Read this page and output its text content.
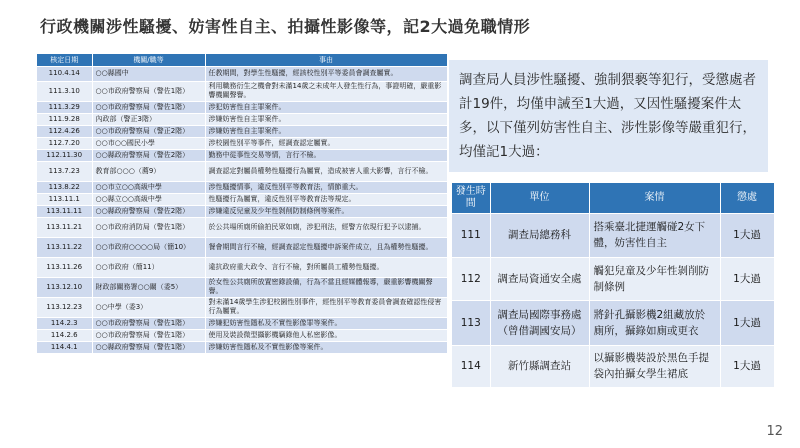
行政機關涉性騷擾、妨害性自主、拍攝性影像等，記2大過免職情形
核定日期	機關/職等	事由
110.4.14	○○縣國中	任教期間，對學生性騷擾，經該校性別平等委員會調查屬實。
111.3.10	○○市政府警察局（警佐1階）	利用職務衍生之機會對未滿14歲之未成年人發生性行為，事證明確，嚴重影響機關聲譽。
111.3.29	○○市政府警察局（警佐1階）	涉犯妨害性自主罪案件。
111.9.28	內政部（警正3階）	涉嫌妨害性自主罪案件。
112.4.26	○○市政府警察局（警正2階）	涉嫌妨害性自主罪案件。
112.7.20	○○市○○國民小學	涉校園性別平等事件，經調查認定屬實。
112.11.30	○○縣政府警察局（警佐2階）	勤務中從事性交易等情，言行不檢。
113.7.23	教育部○○○（薦9）	調查認定對屬員權勢性騷擾行為屬實，造成被害人重大影響，言行不檢。
113.8.22	○○市立○○高級中學	涉性騷擾情事，違反性別平等教育法，情節重大。
113.11.1	○○縣立○○高級中學	性騷擾行為屬實，違反性別平等教育法等規定。
113.11.11	○○縣政府警察局（警佐2階）	涉嫌違反兒童及少年性剝削防制條例等案件。
113.11.21	○○市政府消防局（警佐1階）	於公共場所廁所偷拍民眾如廁，涉犯刑法，經警方依現行犯予以逮捕。
113.11.22	○○市政府○○○○局（簡10）	餐會期間言行不檢，經調查認定性騷擾申訴案件成立，且為權勢性騷擾。
113.11.26	○○市政府（簡11）	違抗政府重大政令、言行不檢，對所屬員工權勢性騷擾。
113.12.10	財政部關務署○○關（委5）	於女性公共廁所放置密錄設備，行為不當且經媒體報導，嚴重影響機關聲譽。
113.12.23	○○中學（委3）	對未滿14歲學生涉犯校園性別事件，經性別平等教育委員會調查確認性侵害行為屬實。
114.2.3	○○市政府警察局（警佐1階）	涉嫌犯妨害性隱私及不實性影像罪等案件。
114.2.6	○○市政府警察局（警佐1階）	使用及裝設微型攝影機竊錄他人私密影像。
114.4.1	○○縣政府警察局（警佐1階）	涉嫌妨害性隱私及不實性影像等案件。
調查局人員涉性騷擾、強制猥褻等犯行，受懲處者計19件，均僅申誡至1大過，又因性騷擾案件太多，以下僅列妨害性自主、涉性影像等嚴重犯行，均僅記1大過：
發生時間	單位	案情	懲處
111	調查局總務科	搭乘臺北捷運觸碰2女下體，妨害性自主	1大過
112	調查局資通安全處	觸犯兒童及少年性剝削防制條例	1大過
113	調查局國際事務處（曾借調國安局）	將針孔攝影機2組藏放於廁所，攝錄如廁或更衣	1大過
114	新竹縣調查站	以攝影機裝設於黑色手提袋內拍攝女學生裙底	1大過
12
